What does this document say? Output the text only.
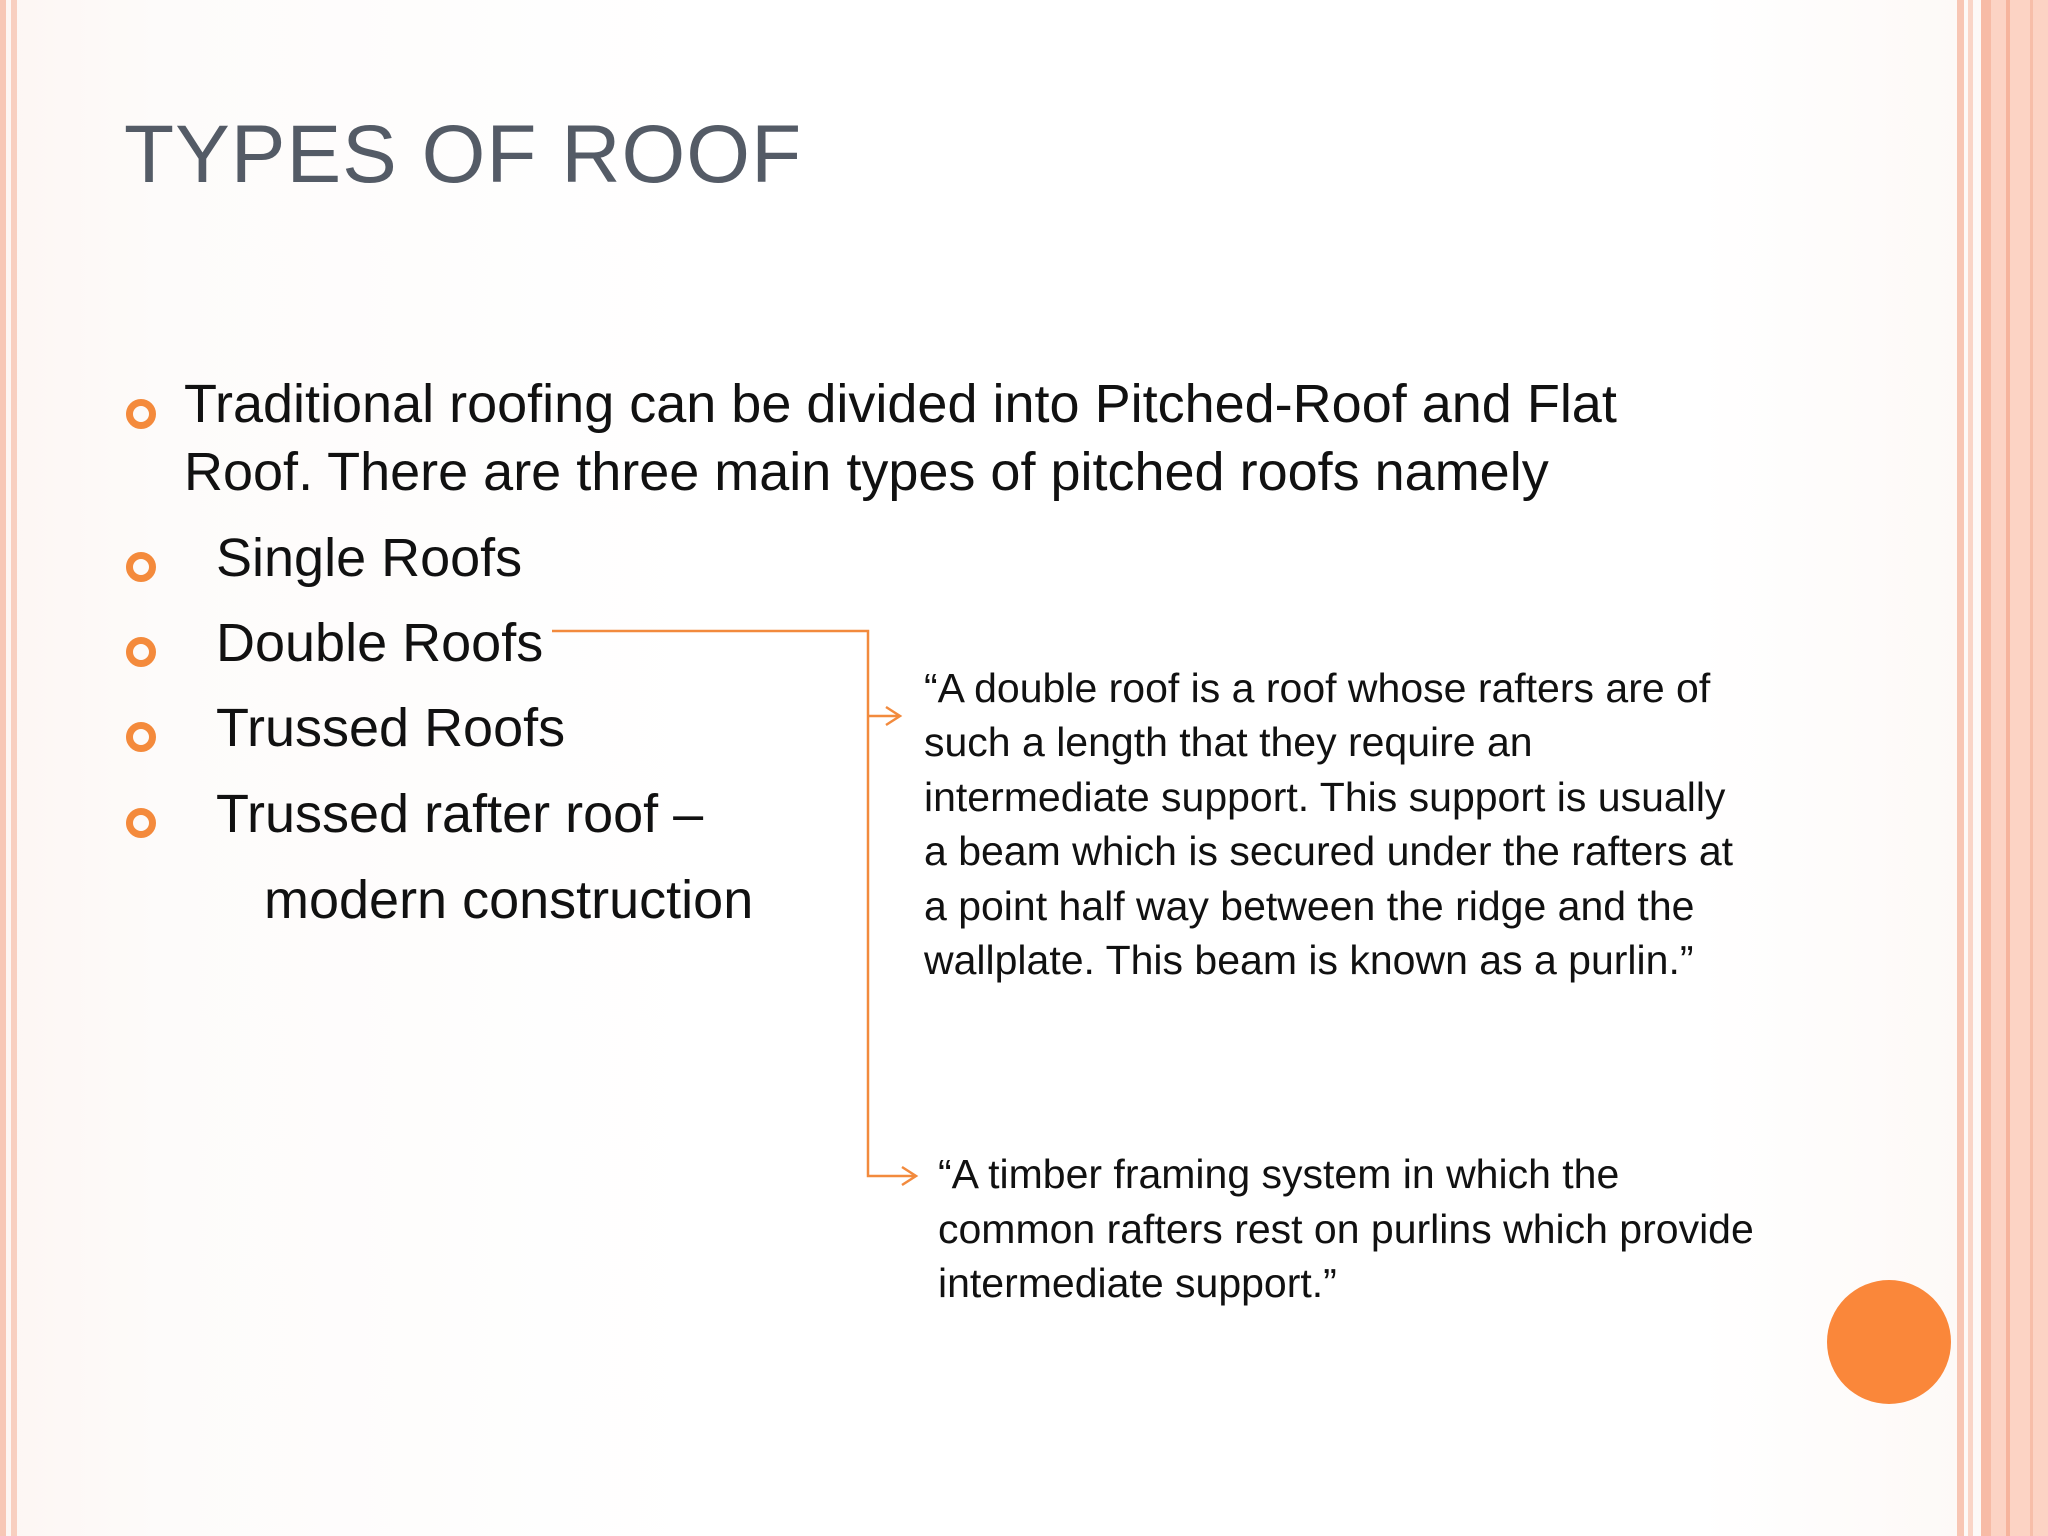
TYPES OF ROOF
Traditional roofing can be divided into Pitched-Roof and Flat
Roof. There are three main types of pitched roofs namely
Single Roofs
Double Roofs
Trussed Roofs
Trussed rafter roof –
modern construction
“A double roof is a roof whose rafters are of
such a length that they require an
intermediate support. This support is usually
a beam which is secured under the rafters at
a point half way between the ridge and the
wallplate. This beam is known as a purlin.”
“A timber framing system in which the
common rafters rest on purlins which provide
intermediate support.”
